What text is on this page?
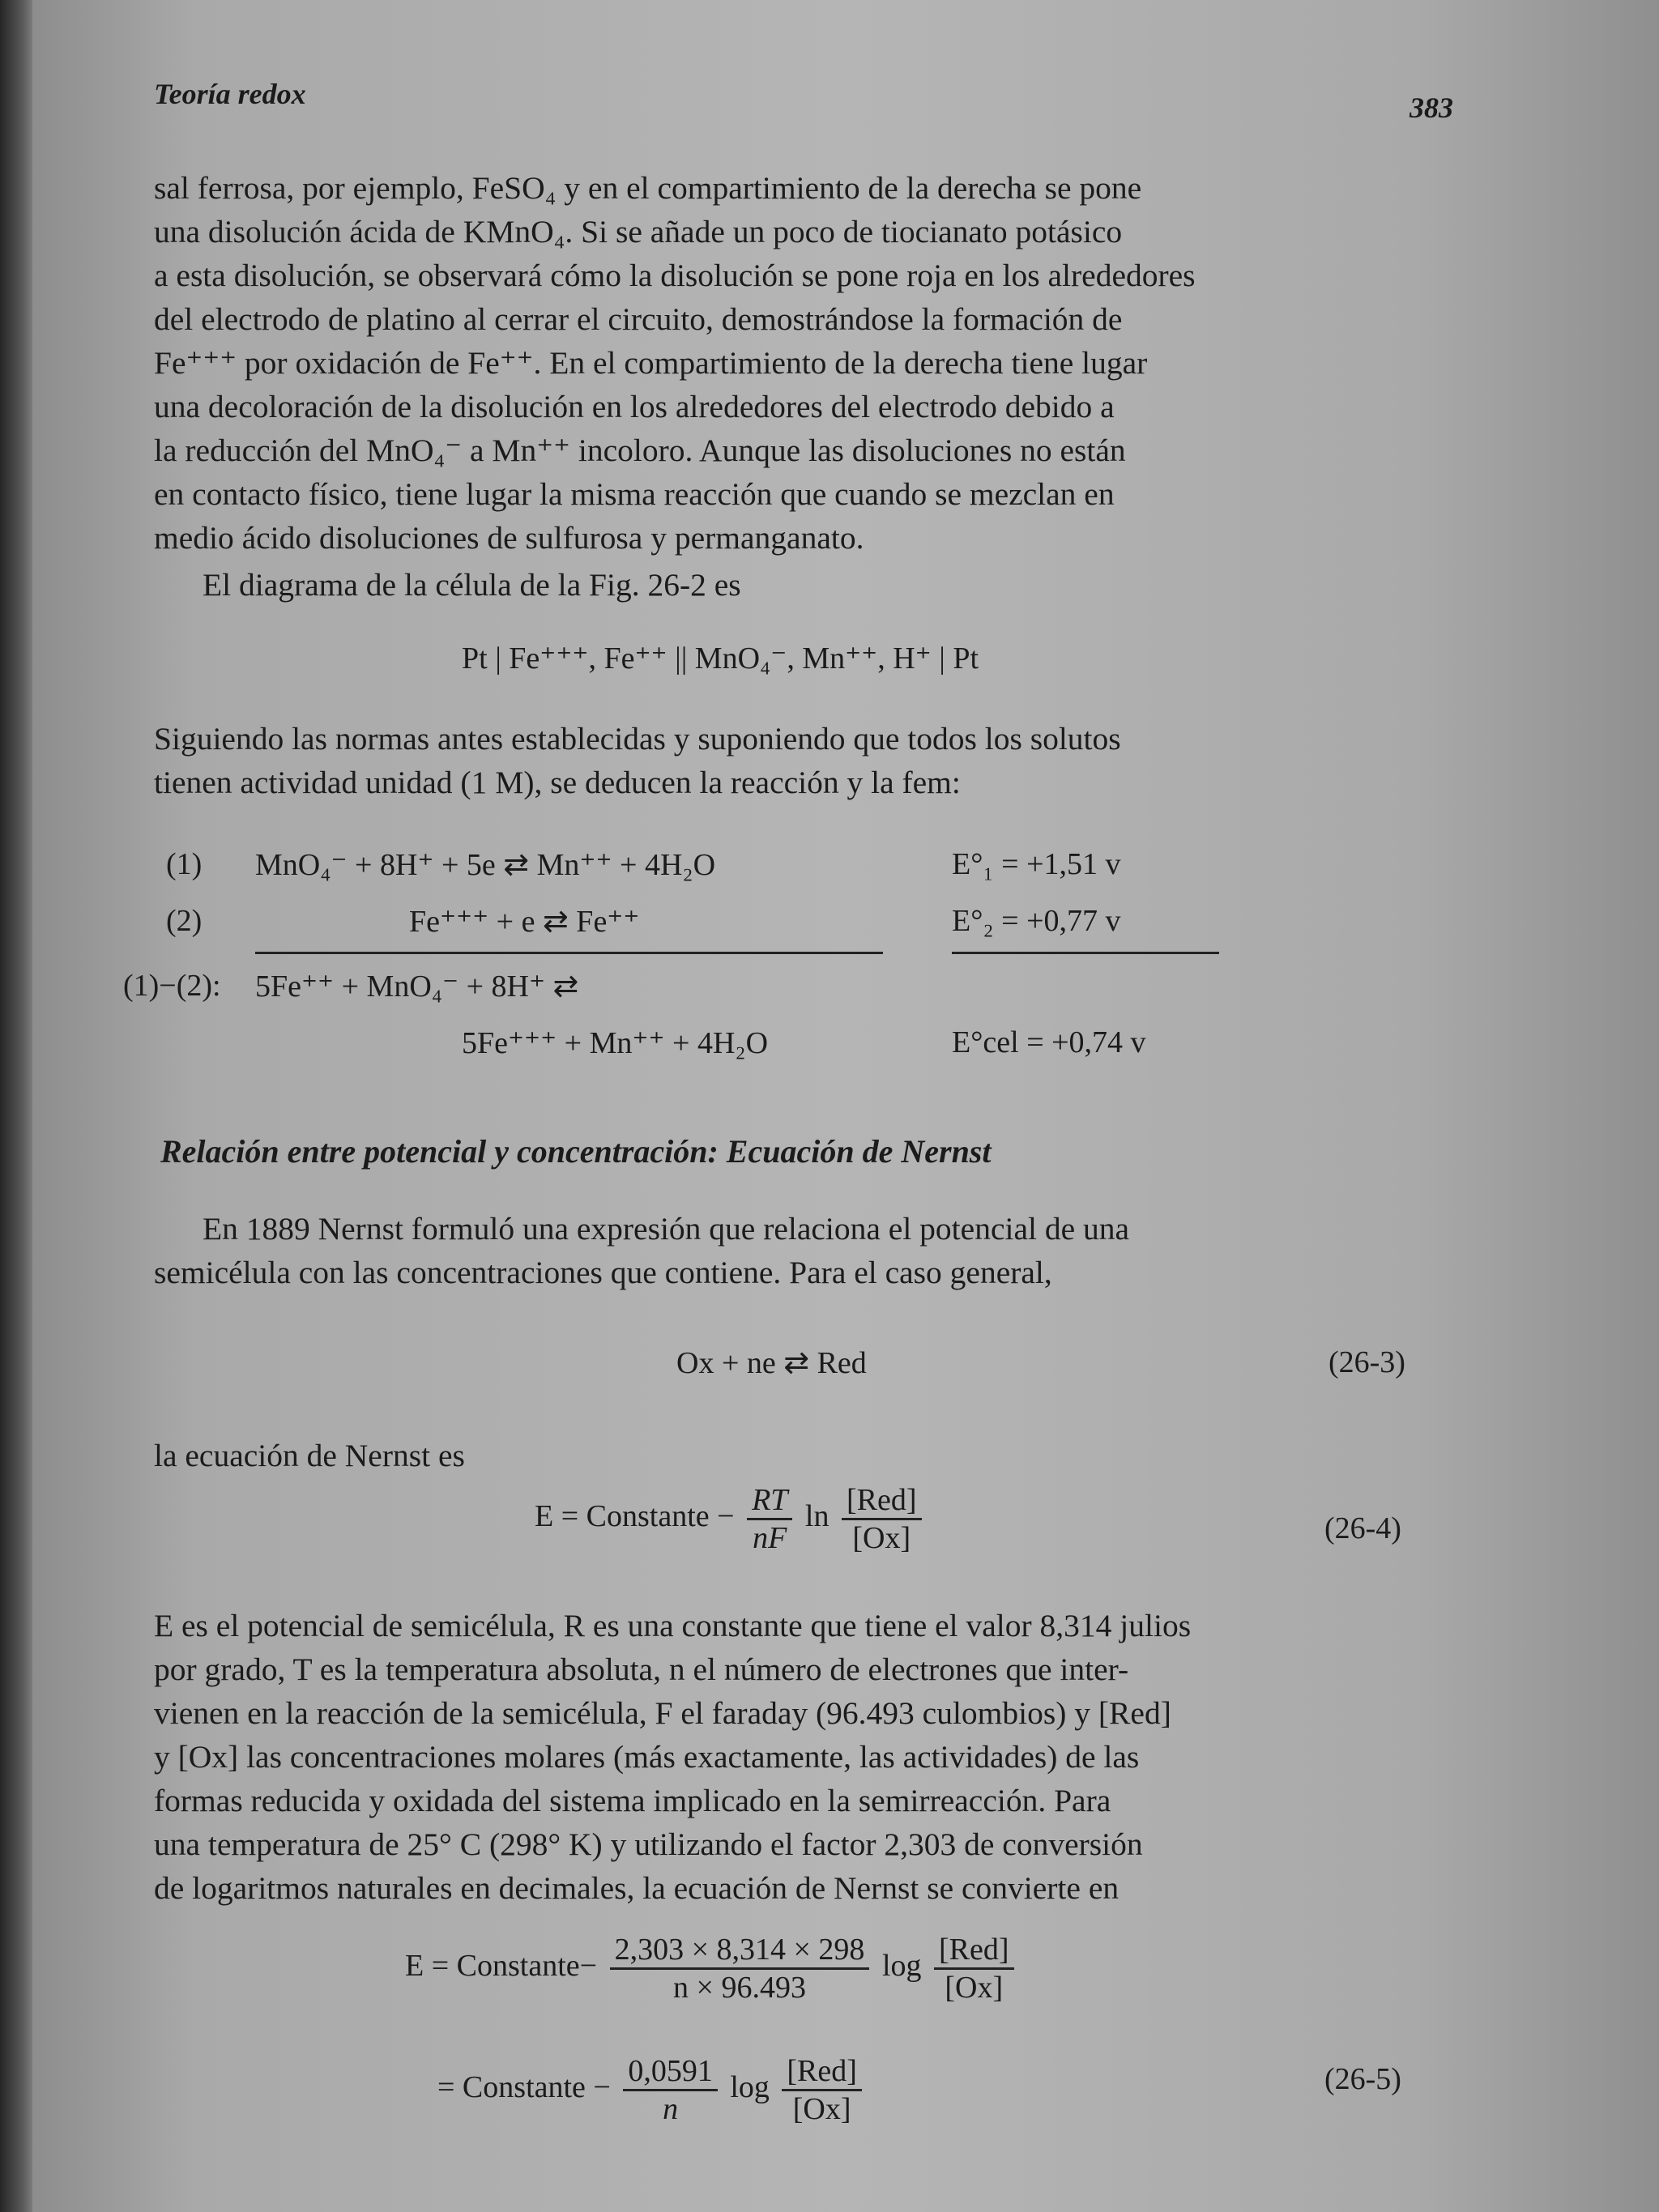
Teoría redox	383
sal ferrosa, por ejemplo, FeSO₄ y en el compartimiento de la derecha se pone
una disolución ácida de KMnO₄. Si se añade un poco de tiocianato potásico
a esta disolución, se observará cómo la disolución se pone roja en los alrededores
del electrodo de platino al cerrar el circuito, demostrándose la formación de
Fe⁺⁺⁺ por oxidación de Fe⁺⁺. En el compartimiento de la derecha tiene lugar
una decoloración de la disolución en los alrededores del electrodo debido a
la reducción del MnO₄⁻ a Mn⁺⁺ incoloro. Aunque las disoluciones no están
en contacto físico, tiene lugar la misma reacción que cuando se mezclan en
medio ácido disoluciones de sulfurosa y permanganato.
El diagrama de la célula de la Fig. 26-2 es
Pt | Fe⁺⁺⁺, Fe⁺⁺ || MnO₄⁻, Mn⁺⁺, H⁺ | Pt
Siguiendo las normas antes establecidas y suponiendo que todos los solutos
tienen actividad unidad (1 M), se deducen la reacción y la fem:
(1) MnO₄⁻ + 8H⁺ + 5e ⇄ Mn⁺⁺ + 4H₂O	E°₁ = +1,51 v
(2)	Fe⁺⁺⁺ + e ⇄ Fe⁺⁺	E°₂ = +0,77 v
(1)−(2): 5Fe⁺⁺ + MnO₄⁻ + 8H⁺ ⇄
5Fe⁺⁺⁺ + Mn⁺⁺ + 4H₂O	E°cel = +0,74 v
Relación entre potencial y concentración: Ecuación de Nernst
En 1889 Nernst formuló una expresión que relaciona el potencial de una
semicélula con las concentraciones que contiene. Para el caso general,
Ox + ne ⇄ Red	(26-3)
la ecuación de Nernst es
E = Constante − $\frac{RT}{nF}$ $\ln \frac{\text{[Red]}}{[Ox]}$	(26-4)
E es el potencial de semicélula, R es una constante que tiene el valor 8,314 julios
por grado, T es la temperatura absoluta, n el número de electrones que inter-
vienen en la reacción de la semicélula, F el faraday (96.493 culombios) y [Red]
y [Ox] las concentraciones molares (más exactamente, las actividades) de las
formas reducida y oxidada del sistema implicado en la semirreacción. Para
una temperatura de 25° C (298° K) y utilizando el factor 2,303 de conversión
de logaritmos naturales en decimales, la ecuación de Nernst se convierte en
E = Constante− $\frac{2,303 \times 8,314 \times 298}{n \times 96.493}$ $\log \frac{\text{[Red]}}{[Ox]}$
= Constante − $\frac{0,0591}{n}$ $\log \frac{\text{[Red]}}{[Ox]}$	(26-5)
